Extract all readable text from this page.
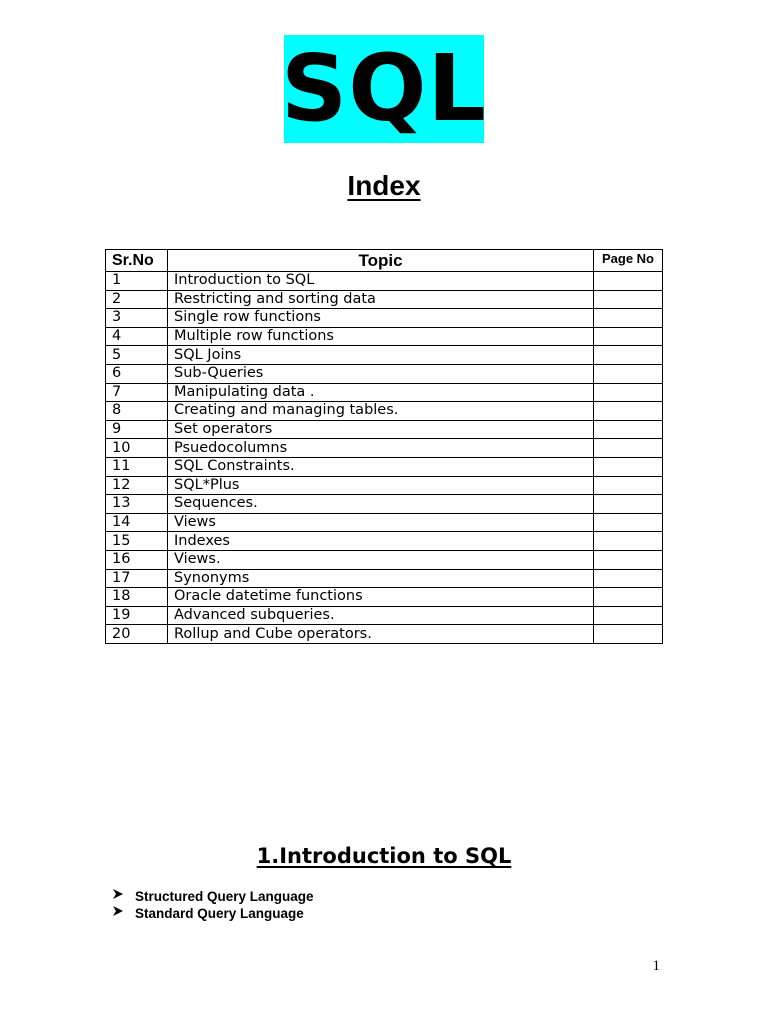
SQL
Index
Sr.No	Topic	Page No
1	Introduction to SQL	
2	Restricting and sorting data	
3	Single row functions	
4	Multiple row functions	
5	SQL Joins	
6	Sub-Queries	
7	Manipulating data .	
8	Creating and managing tables.	
9	Set operators	
10	Psuedocolumns	
11	SQL Constraints.	
12	SQL*Plus	
13	Sequences.	
14	Views	
15	Indexes	
16	Views.	
17	Synonyms	
18	Oracle datetime functions	
19	Advanced subqueries.	
20	Rollup and Cube operators.	
1.Introduction to SQL
Structured Query Language
Standard Query Language
1
